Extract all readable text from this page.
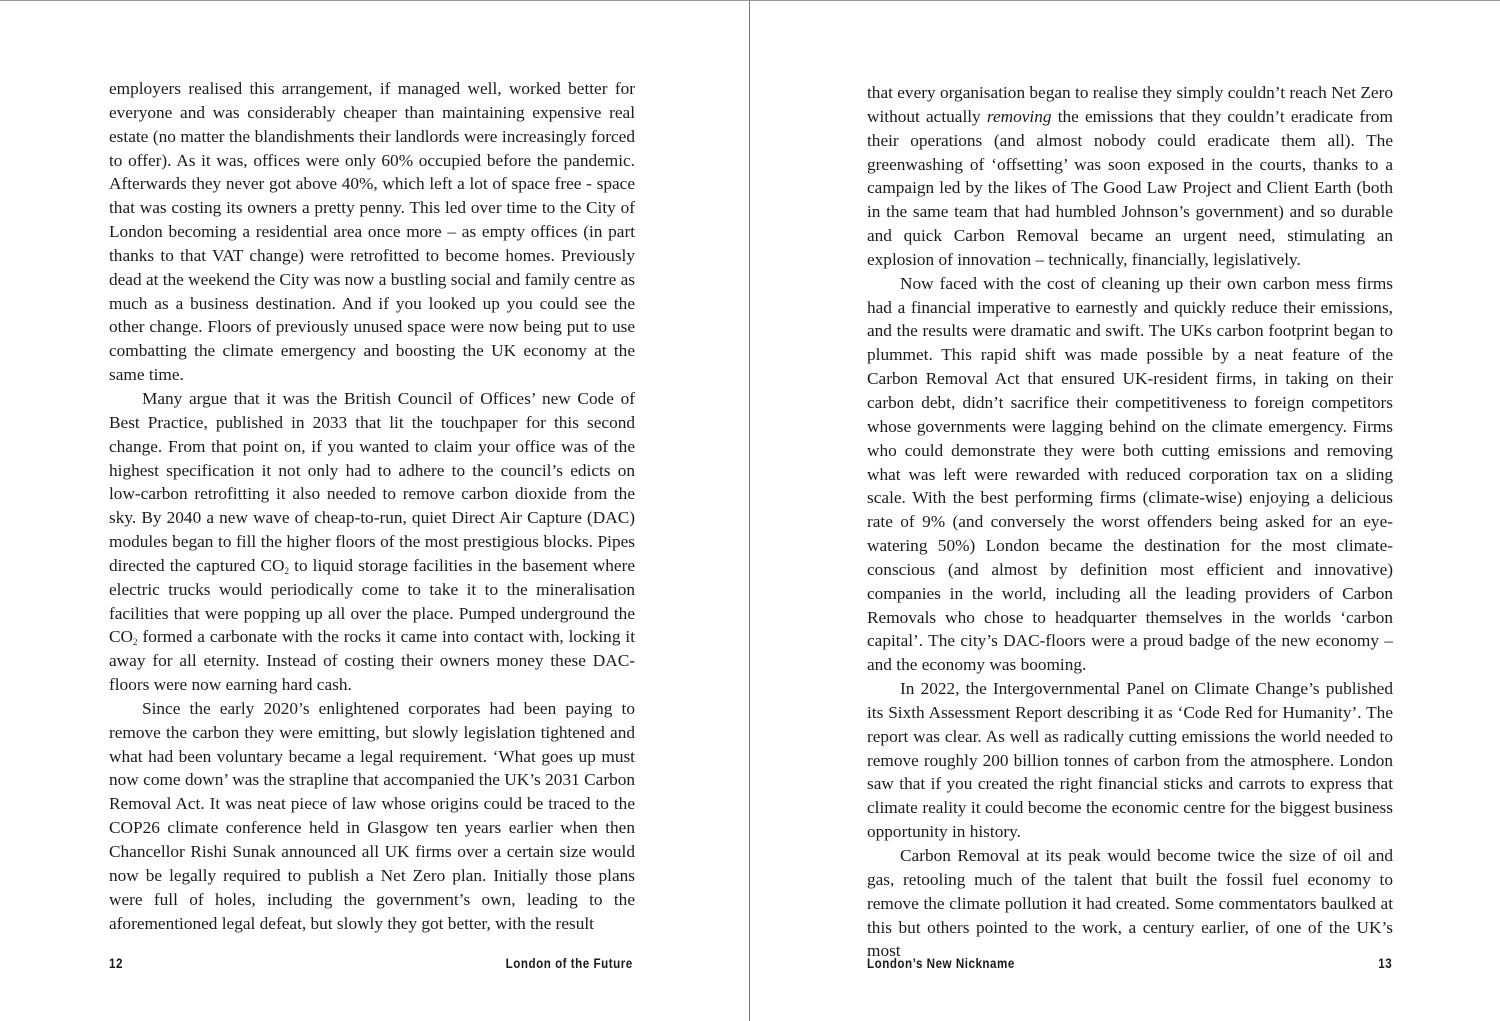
employers realised this arrangement, if managed well, worked better for everyone and was considerably cheaper than maintaining expensive real estate (no matter the blandishments their landlords were increasingly forced to offer). As it was, offices were only 60% occupied before the pandemic. Afterwards they never got above 40%, which left a lot of space free - space that was costing its owners a pretty penny. This led over time to the City of London becoming a residential area once more – as empty offices (in part thanks to that VAT change) were retrofitted to become homes. Previously dead at the weekend the City was now a bustling social and family centre as much as a business destination. And if you looked up you could see the other change. Floors of previously unused space were now being put to use combatting the climate emergency and boosting the UK economy at the same time.

Many argue that it was the British Council of Offices’ new Code of Best Practice, published in 2033 that lit the touchpaper for this second change. From that point on, if you wanted to claim your office was of the highest specification it not only had to adhere to the council’s edicts on low-carbon retrofitting it also needed to remove carbon dioxide from the sky. By 2040 a new wave of cheap-to-run, quiet Direct Air Capture (DAC) modules began to fill the higher floors of the most prestigious blocks. Pipes directed the captured $CO_2$ to liquid storage facilities in the basement where electric trucks would periodically come to take it to the mineralisation facilities that were popping up all over the place. Pumped underground the $CO_2$ formed a carbonate with the rocks it came into contact with, locking it away for all eternity. Instead of costing their owners money these DAC-floors were now earning hard cash.

Since the early 2020’s enlightened corporates had been paying to remove the carbon they were emitting, but slowly legislation tightened and what had been voluntary became a legal requirement. ‘What goes up must now come down’ was the strapline that accompanied the UK’s 2031 Carbon Removal Act. It was neat piece of law whose origins could be traced to the COP26 climate conference held in Glasgow ten years earlier when then Chancellor Rishi Sunak announced all UK firms over a certain size would now be legally required to publish a Net Zero plan. Initially those plans were full of holes, including the government’s own, leading to the aforementioned legal defeat, but slowly they got better, with the result

12	London of the Future

that every organisation began to realise they simply couldn’t reach Net Zero without actually removing the emissions that they couldn’t eradicate from their operations (and almost nobody could eradicate them all). The greenwashing of ‘offsetting’ was soon exposed in the courts, thanks to a campaign led by the likes of The Good Law Project and Client Earth (both in the same team that had humbled Johnson’s government) and so durable and quick Carbon Removal became an urgent need, stimulating an explosion of innovation – technically, financially, legislatively.

Now faced with the cost of cleaning up their own carbon mess firms had a financial imperative to earnestly and quickly reduce their emissions, and the results were dramatic and swift. The UKs carbon footprint began to plummet. This rapid shift was made possible by a neat feature of the Carbon Removal Act that ensured UK-resident firms, in taking on their carbon debt, didn’t sacrifice their competitiveness to foreign competitors whose governments were lagging behind on the climate emergency. Firms who could demonstrate they were both cutting emissions and removing what was left were rewarded with reduced corporation tax on a sliding scale. With the best performing firms (climate-wise) enjoying a delicious rate of 9% (and conversely the worst offenders being asked for an eye-watering 50%) London became the destination for the most climate-conscious (and almost by definition most efficient and innovative) companies in the world, including all the leading providers of Carbon Removals who chose to headquarter themselves in the worlds ‘carbon capital’. The city’s DAC-floors were a proud badge of the new economy – and the economy was booming.

In 2022, the Intergovernmental Panel on Climate Change’s published its Sixth Assessment Report describing it as ‘Code Red for Humanity’. The report was clear. As well as radically cutting emissions the world needed to remove roughly 200 billion tonnes of carbon from the atmosphere. London saw that if you created the right financial sticks and carrots to express that climate reality it could become the economic centre for the biggest business opportunity in history.

Carbon Removal at its peak would become twice the size of oil and gas, retooling much of the talent that built the fossil fuel economy to remove the climate pollution it had created. Some commentators baulked at this but others pointed to the work, a century earlier, of one of the UK’s most

London’s New Nickname	13
